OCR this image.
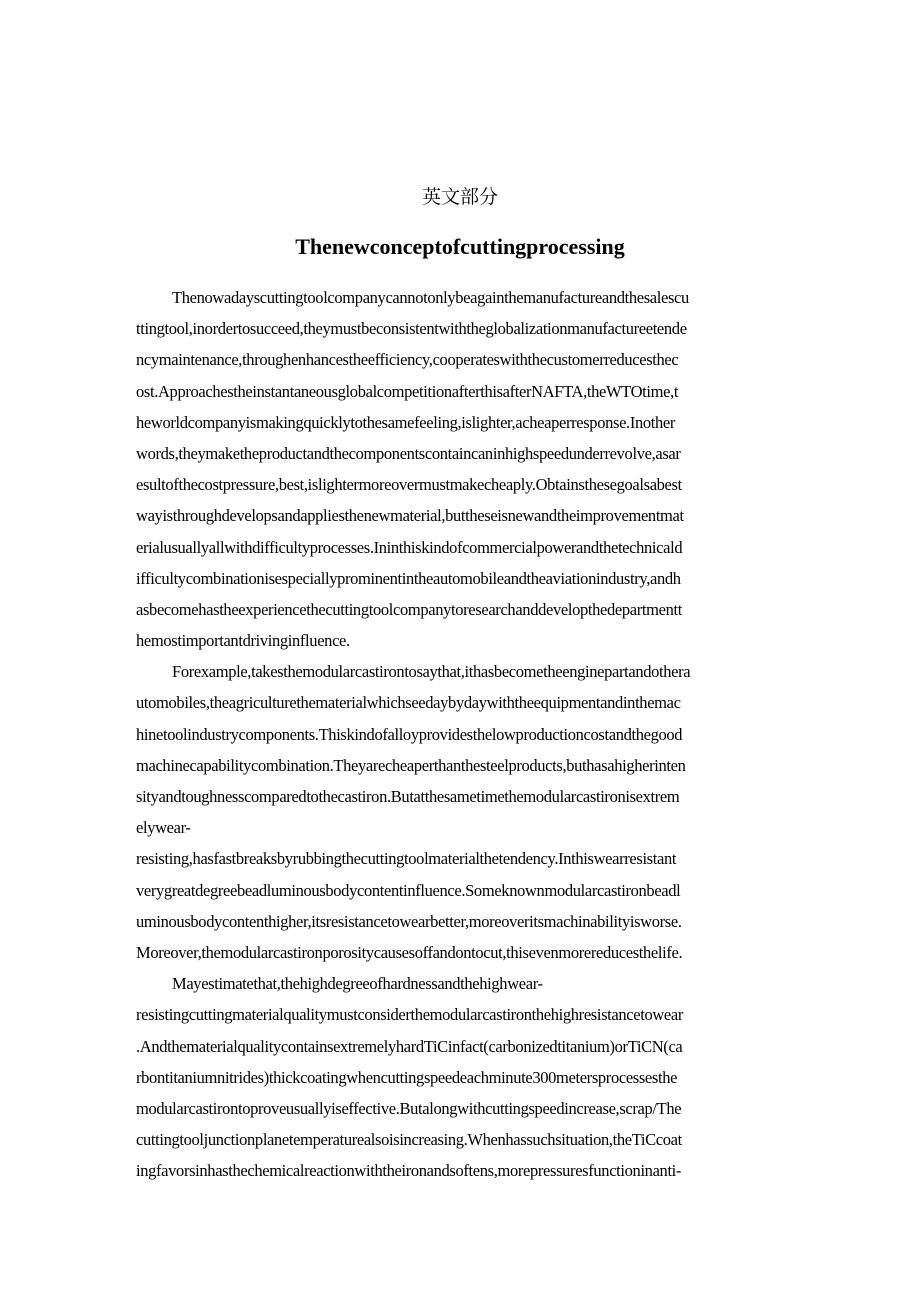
英文部分
Thenewconceptofcuttingprocessing
Thenowadayscuttingtoolcompanycannotonlybeagainthemanufactureandthesalescu
ttingtool,inordertosucceed,theymustbeconsistentwiththeglobalizationmanufactureetende
ncymaintenance,throughenhancestheefficiency,cooperateswiththecustomerreducesthec
ost.ApproachestheinstantaneousglobalcompetitionafterthisafterNAFTA,theWTOtime,t
heworldcompanyismakingquicklytothesamefeeling,islighter,acheaperresponse.Inother
words,theymaketheproductandthecomponentscontaincaninhighspeedunderrevolve,asar
esultofthecostpressure,best,islightermoreovermustmakecheaply.Obtainsthesegoalsabest
wayisthroughdevelopsandappliesthenewmaterial,buttheseisnewandtheimprovementmat
erialusuallyallwithdifficultyprocesses.Ininthiskindofcommercialpowerandthetechnicald
ifficultycombinationisespeciallyprominentintheautomobileandtheaviationindustry,andh
asbecomehastheexperiencethecuttingtoolcompanytoresearchanddevelopthedepartmentt
hemostimportantdrivinginfluence.
Forexample,takesthemodularcastirontosaythat,ithasbecometheenginepartandothera
utomobiles,theagriculturethematerialwhichseedaybydaywiththeequipmentandinthemac
hinetoolindustrycomponents.Thiskindofalloyprovidesthelowproductioncostandthegood
machinecapabilitycombination.Theyarecheaperthanthesteelproducts,buthasahigherinten
sityandtoughnesscomparedtothecastiron.Butatthesametimethemodularcastironisextrem
elywear-
resisting,hasfastbreaksbyrubbingthecuttingtoolmaterialthetendency.Inthiswearresistant
verygreatdegreebeadluminousbodycontentinfluence.Someknownmodularcastironbeadl
uminousbodycontenthigher,itsresistancetowearbetter,moreoveritsmachinabilityisworse.
Moreover,themodularcastironporositycausesoffandontocut,thisevenmorereducesthelife.
Mayestimatethat,thehighdegreeofhardnessandthehighwear-
resistingcuttingmaterialqualitymustconsiderthemodularcastironthehighresistancetowear
.AndthematerialqualitycontainsextremelyhardTiCinfact(carbonizedtitanium)orTiCN(ca
rbontitaniumnitrides)thickcoatingwhencuttingspeedeachminute300metersprocessesthe
modularcastirontoproveusuallyiseffective.Butalongwithcuttingspeedincrease,scrap/The
cuttingtooljunctionplanetemperaturealsoisincreasing.Whenhassuchsituation,theTiCcoat
ingfavorsinhasthechemicalreactionwiththeironandsoftens,morepressuresfunctioninanti-
